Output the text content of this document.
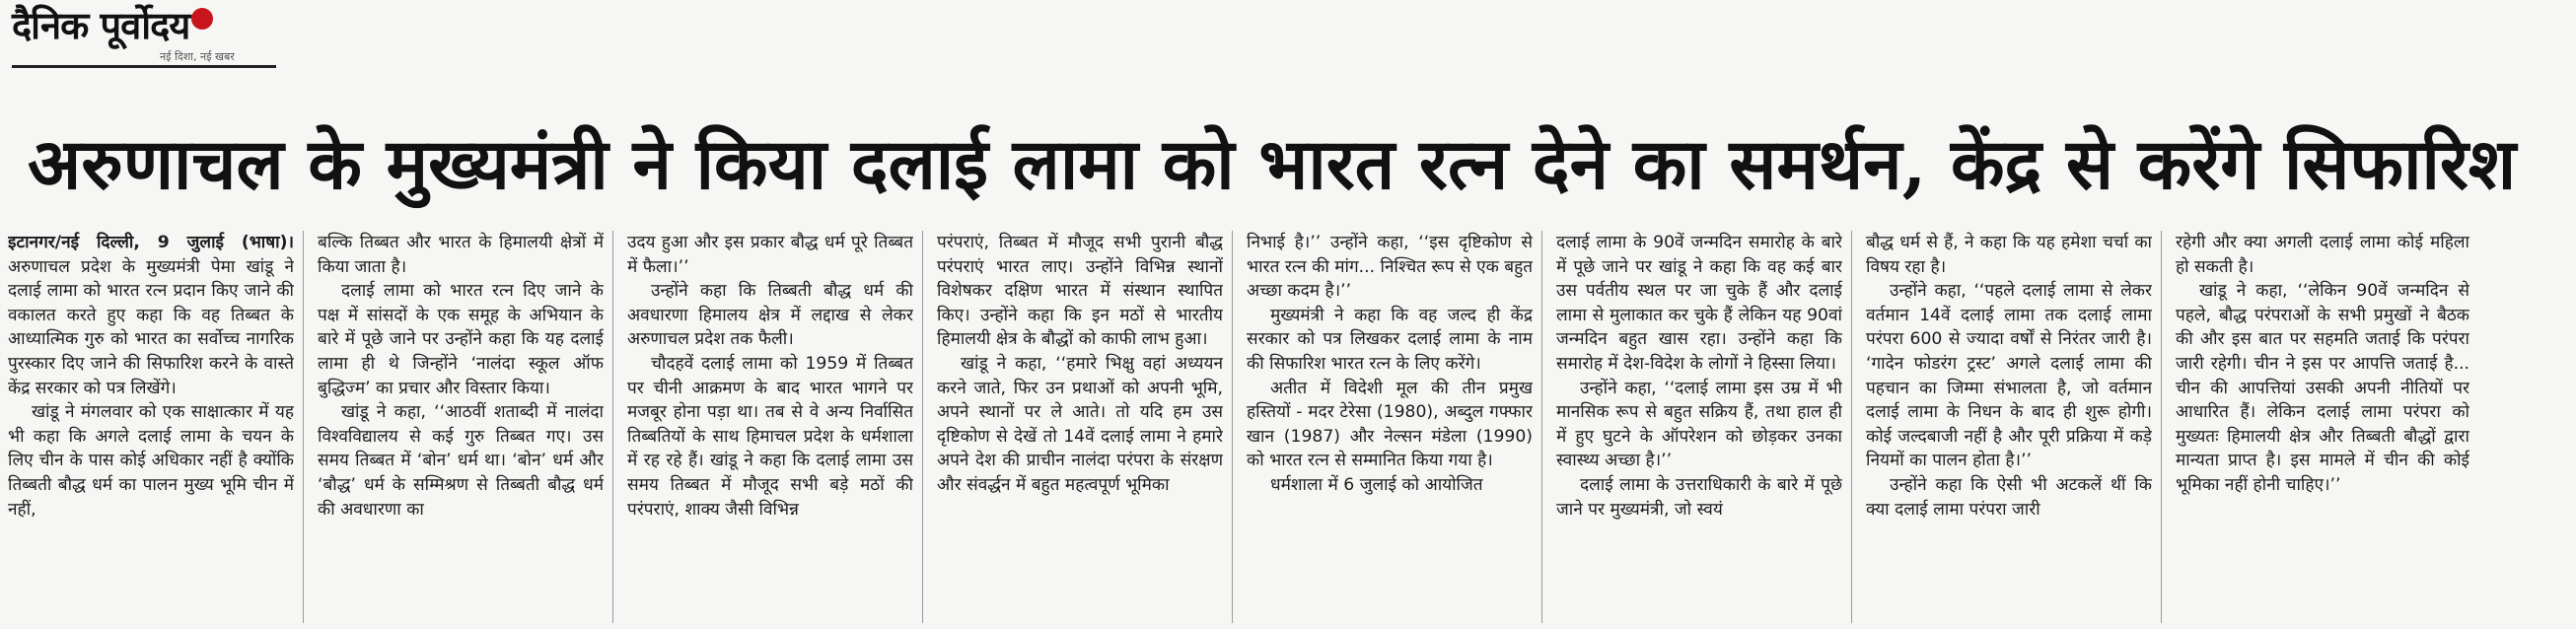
दैनिक पूर्वोदय
नई दिशा, नई खबर
अरुणाचल के मुख्यमंत्री ने किया दलाई लामा को भारत रत्न देने का समर्थन, केंद्र से करेंगे सिफारिश

इटानगर/नई दिल्ली, 9 जुलाई (भाषा)। अरुणाचल प्रदेश के मुख्यमंत्री पेमा खांडू ने दलाई लामा को भारत रत्न प्रदान किए जाने की वकालत करते हुए कहा कि वह तिब्बत के आध्यात्मिक गुरु को भारत का सर्वोच्च नागरिक पुरस्कार दिए जाने की सिफारिश करने के वास्ते केंद्र सरकार को पत्र लिखेंगे।

खांडू ने मंगलवार को एक साक्षात्कार में यह भी कहा कि अगले दलाई लामा के चयन के लिए चीन के पास कोई अधिकार नहीं है क्योंकि तिब्बती बौद्ध धर्म का पालन मुख्य भूमि चीन में नहीं,

बल्कि तिब्बत और भारत के हिमालयी क्षेत्रों में किया जाता है।

दलाई लामा को भारत रत्न दिए जाने के पक्ष में सांसदों के एक समूह के अभियान के बारे में पूछे जाने पर उन्होंने कहा कि यह दलाई लामा ही थे जिन्होंने ‘नालंदा स्कूल ऑफ बुद्धिज्म’ का प्रचार और विस्तार किया।

खांडू ने कहा, ‘‘आठवीं शताब्दी में नालंदा विश्वविद्यालय से कई गुरु तिब्बत गए। उस समय तिब्बत में ‘बोन’ धर्म था। ‘बोन’ धर्म और ‘बौद्ध’ धर्म के सम्मिश्रण से तिब्बती बौद्ध धर्म की अवधारणा का

उदय हुआ और इस प्रकार बौद्ध धर्म पूरे तिब्बत में फैला।’’

उन्होंने कहा कि तिब्बती बौद्ध धर्म की अवधारणा हिमालय क्षेत्र में लद्दाख से लेकर अरुणाचल प्रदेश तक फैली।

चौदहवें दलाई लामा को 1959 में तिब्बत पर चीनी आक्रमण के बाद भारत भागने पर मजबूर होना पड़ा था। तब से वे अन्य निर्वासित तिब्बतियों के साथ हिमाचल प्रदेश के धर्मशाला में रह रहे हैं। खांडू ने कहा कि दलाई लामा उस समय तिब्बत में मौजूद सभी बड़े मठों की परंपराएं, शाक्य जैसी विभिन्न

परंपराएं, तिब्बत में मौजूद सभी पुरानी बौद्ध परंपराएं भारत लाए। उन्होंने विभिन्न स्थानों विशेषकर दक्षिण भारत में संस्थान स्थापित किए। उन्होंने कहा कि इन मठों से भारतीय हिमालयी क्षेत्र के बौद्धों को काफी लाभ हुआ।

खांडू ने कहा, ‘‘हमारे भिक्षु वहां अध्ययन करने जाते, फिर उन प्रथाओं को अपनी भूमि, अपने स्थानों पर ले आते। तो यदि हम उस दृष्टिकोण से देखें तो 14वें दलाई लामा ने हमारे अपने देश की प्राचीन नालंदा परंपरा के संरक्षण और संवर्द्धन में बहुत महत्वपूर्ण भूमिका

निभाई है।’’ उन्होंने कहा, ‘‘इस दृष्टिकोण से भारत रत्न की मांग... निश्चित रूप से एक बहुत अच्छा कदम है।’’

मुख्यमंत्री ने कहा कि वह जल्द ही केंद्र सरकार को पत्र लिखकर दलाई लामा के नाम की सिफारिश भारत रत्न के लिए करेंगे।

अतीत में विदेशी मूल की तीन प्रमुख हस्तियों - मदर टेरेसा (1980), अब्दुल गफ्फार खान (1987) और नेल्सन मंडेला (1990) को भारत रत्न से सम्मानित किया गया है।

धर्मशाला में 6 जुलाई को आयोजित

दलाई लामा के 90वें जन्मदिन समारोह के बारे में पूछे जाने पर खांडू ने कहा कि वह कई बार उस पर्वतीय स्थल पर जा चुके हैं और दलाई लामा से मुलाकात कर चुके हैं लेकिन यह 90वां जन्मदिन बहुत खास रहा। उन्होंने कहा कि समारोह में देश-विदेश के लोगों ने हिस्सा लिया।

उन्होंने कहा, ‘‘दलाई लामा इस उम्र में भी मानसिक रूप से बहुत सक्रिय हैं, तथा हाल ही में हुए घुटने के ऑपरेशन को छोड़कर उनका स्वास्थ्य अच्छा है।’’

दलाई लामा के उत्तराधिकारी के बारे में पूछे जाने पर मुख्यमंत्री, जो स्वयं

बौद्ध धर्म से हैं, ने कहा कि यह हमेशा चर्चा का विषय रहा है।

उन्होंने कहा, ‘‘पहले दलाई लामा से लेकर वर्तमान 14वें दलाई लामा तक दलाई लामा परंपरा 600 से ज्यादा वर्षों से निरंतर जारी है। ‘गादेन फोडरंग ट्रस्ट’ अगले दलाई लामा की पहचान का जिम्मा संभालता है, जो वर्तमान दलाई लामा के निधन के बाद ही शुरू होगी। कोई जल्दबाजी नहीं है और पूरी प्रक्रिया में कड़े नियमों का पालन होता है।’’

उन्होंने कहा कि ऐसी भी अटकलें थीं कि क्या दलाई लामा परंपरा जारी

रहेगी और क्या अगली दलाई लामा कोई महिला हो सकती है।

खांडू ने कहा, ‘‘लेकिन 90वें जन्मदिन से पहले, बौद्ध परंपराओं के सभी प्रमुखों ने बैठक की और इस बात पर सहमति जताई कि परंपरा जारी रहेगी। चीन ने इस पर आपत्ति जताई है... चीन की आपत्तियां उसकी अपनी नीतियों पर आधारित हैं। लेकिन दलाई लामा परंपरा को मुख्यतः हिमालयी क्षेत्र और तिब्बती बौद्धों द्वारा मान्यता प्राप्त है। इस मामले में चीन की कोई भूमिका नहीं होनी चाहिए।’’
